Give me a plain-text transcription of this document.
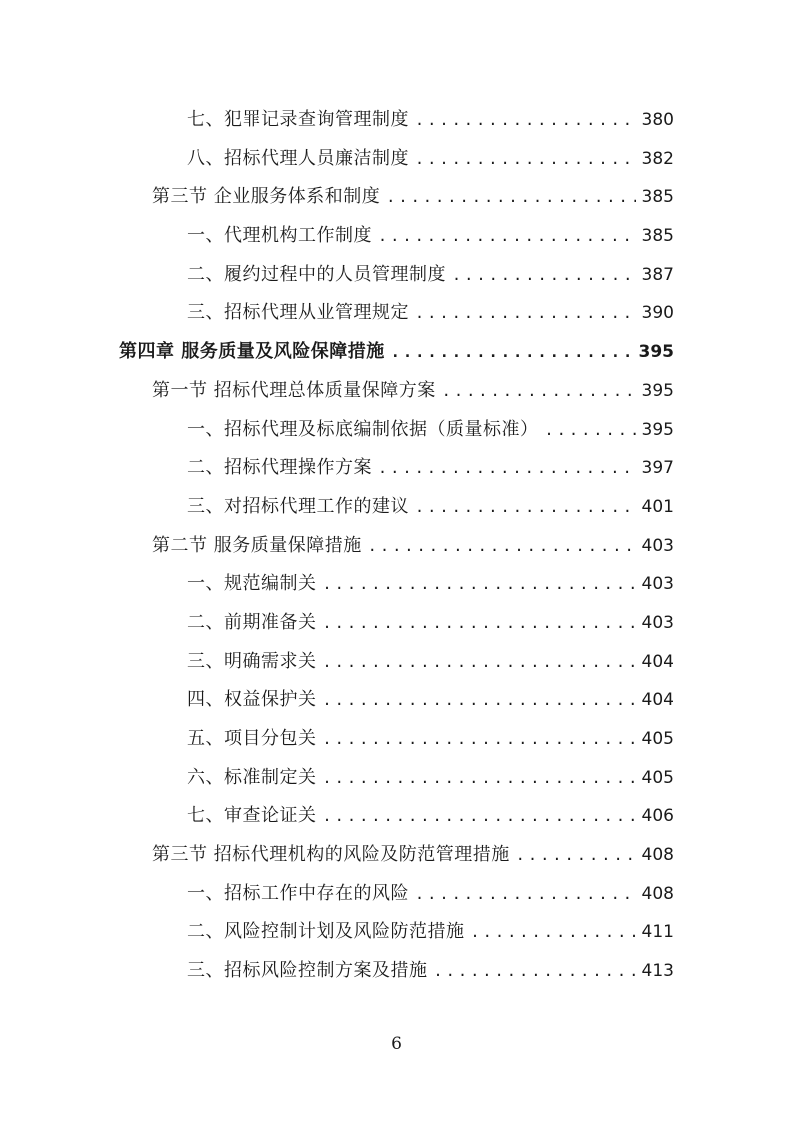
七、犯罪记录查询管理制度 .....	380
八、招标代理人员廉洁制度 .....	382
第三节 企业服务体系和制度 .....	385
一、代理机构工作制度 .....	385
二、履约过程中的人员管理制度 .....	387
三、招标代理从业管理规定 .....	390
第四章 服务质量及风险保障措施 .....	395
第一节 招标代理总体质量保障方案 .....	395
一、招标代理及标底编制依据（质量标准） .....	395
二、招标代理操作方案 .....	397
三、对招标代理工作的建议 .....	401
第二节 服务质量保障措施 .....	403
一、规范编制关 .....	403
二、前期准备关 .....	403
三、明确需求关 .....	404
四、权益保护关 .....	404
五、项目分包关 .....	405
六、标准制定关 .....	405
七、审查论证关 .....	406
第三节 招标代理机构的风险及防范管理措施 .....	408
一、招标工作中存在的风险 .....	408
二、风险控制计划及风险防范措施 .....	411
三、招标风险控制方案及措施 .....	413
6
